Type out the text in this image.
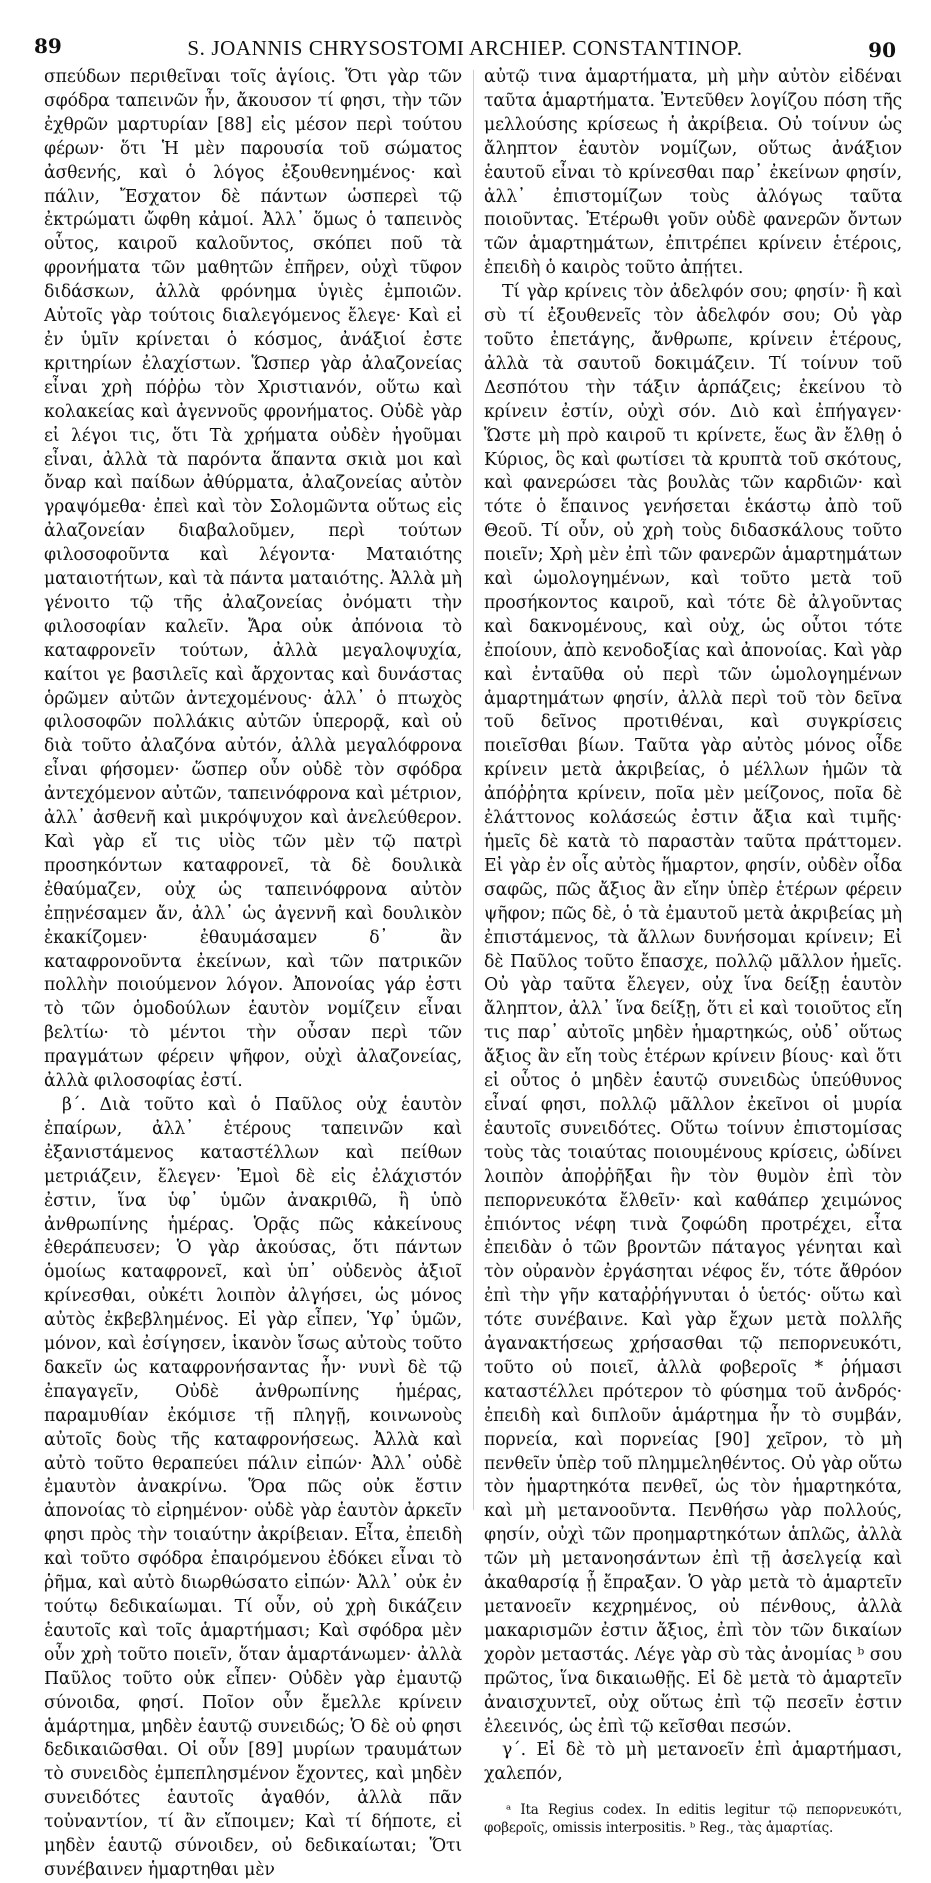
89	S. JOANNIS CHRYSOSTOMI ARCHIEP. CONSTANTINOP.	90

σπεύδων περιθεῖναι τοῖς ἁγίοις. Ὅτι γὰρ τῶν σφόδρα ταπεινῶν ἦν, ἄκουσον τί φησι, τὴν τῶν ἐχθρῶν μαρτυρίαν [88] εἰς μέσον περὶ τούτου φέρων· ὅτι Ἡ μὲν παρουσία τοῦ σώματος ἀσθενής, καὶ ὁ λόγος ἐξουθενημένος· καὶ πάλιν, Ἔσχατον δὲ πάντων ὡσπερεὶ τῷ ἐκτρώματι ὤφθη κἀμοί. Ἀλλ᾽ ὅμως ὁ ταπεινὸς οὗτος, καιροῦ καλοῦντος, σκόπει ποῦ τὰ φρονήματα τῶν μαθητῶν ἐπῆρεν, οὐχὶ τῦφον διδάσκων, ἀλλὰ φρόνημα ὑγιὲς ἐμποιῶν. Αὐτοῖς γὰρ τούτοις διαλεγόμενος ἔλεγε· Καὶ εἰ ἐν ὑμῖν κρίνεται ὁ κόσμος, ἀνάξιοί ἐστε κριτηρίων ἐλαχίστων. Ὥσπερ γὰρ ἀλαζονείας εἶναι χρὴ πόῤῥω τὸν Χριστιανόν, οὕτω καὶ κολακείας καὶ ἀγεννοῦς φρονήματος. Οὐδὲ γὰρ εἰ λέγοι τις, ὅτι Τὰ χρήματα οὐδὲν ἡγοῦμαι εἶναι, ἀλλὰ τὰ παρόντα ἅπαντα σκιὰ μοι καὶ ὄναρ καὶ παίδων ἀθύρματα, ἀλαζονείας αὐτὸν γραψόμεθα· ἐπεὶ καὶ τὸν Σολομῶντα οὕτως εἰς ἀλαζονείαν διαβαλοῦμεν, περὶ τούτων φιλοσοφοῦντα καὶ λέγοντα· Ματαιότης ματαιοτήτων, καὶ τὰ πάντα ματαιότης. Ἀλλὰ μὴ γένοιτο τῷ τῆς ἀλαζονείας ὀνόματι τὴν φιλοσοφίαν καλεῖν. Ἄρα οὐκ ἀπόνοια τὸ καταφρονεῖν τούτων, ἀλλὰ μεγαλοψυχία, καίτοι γε βασιλεῖς καὶ ἄρχοντας καὶ δυνάστας ὁρῶμεν αὐτῶν ἀντεχομένους· ἀλλ᾽ ὁ πτωχὸς φιλοσοφῶν πολλάκις αὐτῶν ὑπερορᾷ, καὶ οὐ διὰ τοῦτο ἀλαζόνα αὐτόν, ἀλλὰ μεγαλόφρονα εἶναι φήσομεν· ὥσπερ οὖν οὐδὲ τὸν σφόδρα ἀντεχόμενον αὐτῶν, ταπεινόφρονα καὶ μέτριον, ἀλλ᾽ ἀσθενῆ καὶ μικρόψυχον καὶ ἀνελεύθερον. Καὶ γὰρ εἴ τις υἱὸς τῶν μὲν τῷ πατρὶ προσηκόντων καταφρονεῖ, τὰ δὲ δουλικὰ ἐθαύμαζεν, οὐχ ὡς ταπεινόφρονα αὐτὸν ἐπῃνέσαμεν ἄν, ἀλλ᾽ ὡς ἀγεννῆ καὶ δουλικὸν ἐκακίζομεν· ἐθαυμάσαμεν δ᾽ ἂν καταφρονοῦντα ἐκείνων, καὶ τῶν πατρικῶν πολλὴν ποιούμενον λόγον. Ἀπονοίας γάρ ἐστι τὸ τῶν ὁμοδούλων ἑαυτὸν νομίζειν εἶναι βελτίω· τὸ μέντοι τὴν οὖσαν περὶ τῶν πραγμάτων φέρειν ψῆφον, οὐχὶ ἀλαζονείας, ἀλλὰ φιλοσοφίας ἐστί.

β΄. Διὰ τοῦτο καὶ ὁ Παῦλος οὐχ ἑαυτὸν ἐπαίρων, ἀλλ᾽ ἑτέρους ταπεινῶν καὶ ἐξανιστάμενος καταστέλλων καὶ πείθων μετριάζειν, ἔλεγεν· Ἐμοὶ δὲ εἰς ἐλάχιστόν ἐστιν, ἵνα ὑφ᾽ ὑμῶν ἀνακριθῶ, ἢ ὑπὸ ἀνθρωπίνης ἡμέρας. Ὁρᾷς πῶς κἀκείνους ἐθεράπευσεν; Ὁ γὰρ ἀκούσας, ὅτι πάντων ὁμοίως καταφρονεῖ, καὶ ὑπ᾽ οὐδενὸς ἀξιοῖ κρίνεσθαι, οὐκέτι λοιπὸν ἀλγήσει, ὡς μόνος αὐτὸς ἐκβεβλημένος. Εἰ γὰρ εἶπεν, Ὑφ᾽ ὑμῶν, μόνον, καὶ ἐσίγησεν, ἱκανὸν ἴσως αὐτοὺς τοῦτο δακεῖν ὡς καταφρονήσαντας ἦν· νυνὶ δὲ τῷ ἐπαγαγεῖν, Οὐδὲ ἀνθρωπίνης ἡμέρας, παραμυθίαν ἐκόμισε τῇ πληγῇ, κοινωνοὺς αὐτοῖς δοὺς τῆς καταφρονήσεως. Ἀλλὰ καὶ αὐτὸ τοῦτο θεραπεύει πάλιν εἰπών· Ἀλλ᾽ οὐδὲ ἐμαυτὸν ἀνακρίνω. Ὅρα πῶς οὐκ ἔστιν ἀπονοίας τὸ εἰρημένον· οὐδὲ γὰρ ἑαυτὸν ἀρκεῖν φησι πρὸς τὴν τοιαύτην ἀκρίβειαν. Εἶτα, ἐπειδὴ καὶ τοῦτο σφόδρα ἐπαιρόμενου ἐδόκει εἶναι τὸ ῥῆμα, καὶ αὐτὸ διωρθώσατο εἰπών· Ἀλλ᾽ οὐκ ἐν τούτῳ δεδικαίωμαι. Τί οὖν, οὐ χρὴ δικάζειν ἑαυτοῖς καὶ τοῖς ἁμαρτήμασι; Καὶ σφόδρα μὲν οὖν χρὴ τοῦτο ποιεῖν, ὅταν ἁμαρτάνωμεν· ἀλλὰ Παῦλος τοῦτο οὐκ εἶπεν· Οὐδὲν γὰρ ἐμαυτῷ σύνοιδα, φησί. Ποῖον οὖν ἔμελλε κρίνειν ἁμάρτημα, μηδὲν ἑαυτῷ συνειδώς; Ὁ δὲ οὐ φησι δεδικαιῶσθαι. Οἱ οὖν [89] μυρίων τραυμάτων τὸ συνειδὸς ἐμπεπλησμένον ἔχοντες, καὶ μηδὲν συνειδότες ἑαυτοῖς ἀγαθόν, ἀλλὰ πᾶν τοὐναντίον, τί ἂν εἴποιμεν; Καὶ τί δήποτε, εἰ μηδὲν ἑαυτῷ σύνοιδεν, οὐ δεδικαίωται; Ὅτι συνέβαινεν ἡμαρτηθαι μὲν

αὐτῷ τινα ἁμαρτήματα, μὴ μὴν αὐτὸν εἰδέναι ταῦτα ἁμαρτήματα. Ἐντεῦθεν λογίζου πόση τῆς μελλούσης κρίσεως ἡ ἀκρίβεια. Οὐ τοίνυν ὡς ἄληπτον ἑαυτὸν νομίζων, οὕτως ἀνάξιον ἑαυτοῦ εἶναι τὸ κρίνεσθαι παρ᾽ ἐκείνων φησίν, ἀλλ᾽ ἐπιστομίζων τοὺς ἀλόγως ταῦτα ποιοῦντας. Ἑτέρωθι γοῦν οὐδὲ φανερῶν ὄντων τῶν ἁμαρτημάτων, ἐπιτρέπει κρίνειν ἑτέροις, ἐπειδὴ ὁ καιρὸς τοῦτο ἀπῄτει.

Τί γὰρ κρίνεις τὸν ἀδελφόν σου; φησίν· ἢ καὶ σὺ τί ἐξουθενεῖς τὸν ἀδελφόν σου; Οὐ γὰρ τοῦτο ἐπετάγης, ἄνθρωπε, κρίνειν ἑτέρους, ἀλλὰ τὰ σαυτοῦ δοκιμάζειν. Τί τοίνυν τοῦ Δεσπότου τὴν τάξιν ἁρπάζεις; ἐκείνου τὸ κρίνειν ἐστίν, οὐχὶ σόν. Διὸ καὶ ἐπήγαγεν· Ὥστε μὴ πρὸ καιροῦ τι κρίνετε, ἕως ἂν ἔλθῃ ὁ Κύριος, ὃς καὶ φωτίσει τὰ κρυπτὰ τοῦ σκότους, καὶ φανερώσει τὰς βουλὰς τῶν καρδιῶν· καὶ τότε ὁ ἔπαινος γενήσεται ἑκάστῳ ἀπὸ τοῦ Θεοῦ. Τί οὖν, οὐ χρὴ τοὺς διδασκάλους τοῦτο ποιεῖν; Χρὴ μὲν ἐπὶ τῶν φανερῶν ἁμαρτημάτων καὶ ὡμολογημένων, καὶ τοῦτο μετὰ τοῦ προσήκοντος καιροῦ, καὶ τότε δὲ ἀλγοῦντας καὶ δακνομένους, καὶ οὐχ, ὡς οὗτοι τότε ἐποίουν, ἀπὸ κενοδοξίας καὶ ἀπονοίας. Καὶ γὰρ καὶ ἐνταῦθα οὐ περὶ τῶν ὡμολογημένων ἁμαρτημάτων φησίν, ἀλλὰ περὶ τοῦ τὸν δεῖνα τοῦ δεῖνος προτιθέναι, καὶ συγκρίσεις ποιεῖσθαι βίων. Ταῦτα γὰρ αὐτὸς μόνος οἶδε κρίνειν μετὰ ἀκριβείας, ὁ μέλλων ἡμῶν τὰ ἀπόῤῥητα κρίνειν, ποῖα μὲν μείζονος, ποῖα δὲ ἐλάττονος κολάσεώς ἐστιν ἄξια καὶ τιμῆς· ἡμεῖς δὲ κατὰ τὸ παραστὰν ταῦτα πράττομεν. Εἰ γὰρ ἐν οἷς αὐτὸς ἥμαρτον, φησίν, οὐδὲν οἶδα σαφῶς, πῶς ἄξιος ἂν εἴην ὑπὲρ ἑτέρων φέρειν ψῆφον; πῶς δὲ, ὁ τὰ ἐμαυτοῦ μετὰ ἀκριβείας μὴ ἐπιστάμενος, τὰ ἄλλων δυνήσομαι κρίνειν; Εἰ δὲ Παῦλος τοῦτο ἔπασχε, πολλῷ μᾶλλον ἡμεῖς. Οὐ γὰρ ταῦτα ἔλεγεν, οὐχ ἵνα δείξῃ ἑαυτὸν ἄληπτον, ἀλλ᾽ ἵνα δείξῃ, ὅτι εἰ καὶ τοιοῦτος εἴη τις παρ᾽ αὐτοῖς μηδὲν ἡμαρτηκώς, οὐδ᾽ οὕτως ἄξιος ἂν εἴη τοὺς ἑτέρων κρίνειν βίους· καὶ ὅτι εἰ οὗτος ὁ μηδὲν ἑαυτῷ συνειδὼς ὑπεύθυνος εἶναί φησι, πολλῷ μᾶλλον ἐκεῖνοι οἱ μυρία ἑαυτοῖς συνειδότες. Οὕτω τοίνυν ἐπιστομίσας τοὺς τὰς τοιαύτας ποιουμένους κρίσεις, ὠδίνει λοιπὸν ἀποῤῥῆξαι ἣν τὸν θυμὸν ἐπὶ τὸν πεπορνευκότα ἔλθεῖν· καὶ καθάπερ χειμώνος ἐπιόντος νέφη τινὰ ζοφώδη προτρέχει, εἶτα ἐπειδὰν ὁ τῶν βροντῶν πάταγος γένηται καὶ τὸν οὐρανὸν ἐργάσηται νέφος ἕν, τότε ἄθρόον ἐπὶ τὴν γῆν καταῤῥήγνυται ὁ ὑετός· οὕτω καὶ τότε συνέβαινε. Καὶ γὰρ ἔχων μετὰ πολλῆς ἀγανακτήσεως χρήσασθαι τῷ πεπορνευκότι, τοῦτο οὐ ποιεῖ, ἀλλὰ φοβεροῖς * ῥήμασι καταστέλλει πρότερον τὸ φύσημα τοῦ ἀνδρός· ἐπειδὴ καὶ διπλοῦν ἁμάρτημα ἦν τὸ συμβάν, πορνεία, καὶ πορνείας [90] χεῖρον, τὸ μὴ πενθεῖν ὑπὲρ τοῦ πλημμεληθέντος. Οὐ γὰρ οὕτω τὸν ἡμαρτηκότα πενθεῖ, ὡς τὸν ἡμαρτηκότα, καὶ μὴ μετανοοῦντα. Πενθήσω γὰρ πολλούς, φησίν, οὐχὶ τῶν προημαρτηκότων ἁπλῶς, ἀλλὰ τῶν μὴ μετανοησάντων ἐπὶ τῇ ἀσελγείᾳ καὶ ἀκαθαρσίᾳ ᾗ ἔπραξαν. Ὁ γὰρ μετὰ τὸ ἁμαρτεῖν μετανοεῖν κεχρημένος, οὐ πένθους, ἀλλὰ μακαρισμῶν ἐστιν ἄξιος, ἐπὶ τὸν τῶν δικαίων χορὸν μεταστάς. Λέγε γὰρ σὺ τὰς ἀνομίας ᵇ σου πρῶτος, ἵνα δικαιωθῇς. Εἰ δὲ μετὰ τὸ ἁμαρτεῖν ἀναισχυντεῖ, οὐχ οὕτως ἐπὶ τῷ πεσεῖν ἐστιν ἐλεεινός, ὡς ἐπὶ τῷ κεῖσθαι πεσών.

γ΄. Εἰ δὲ τὸ μὴ μετανοεῖν ἐπὶ ἁμαρτήμασι, χαλεπόν,

ᵃ Ita Regius codex. In editis legitur τῷ πεπορνευκότι, φοβεροῖς, omissis interpositis. ᵇ Reg., τὰς ἁμαρτίας.
